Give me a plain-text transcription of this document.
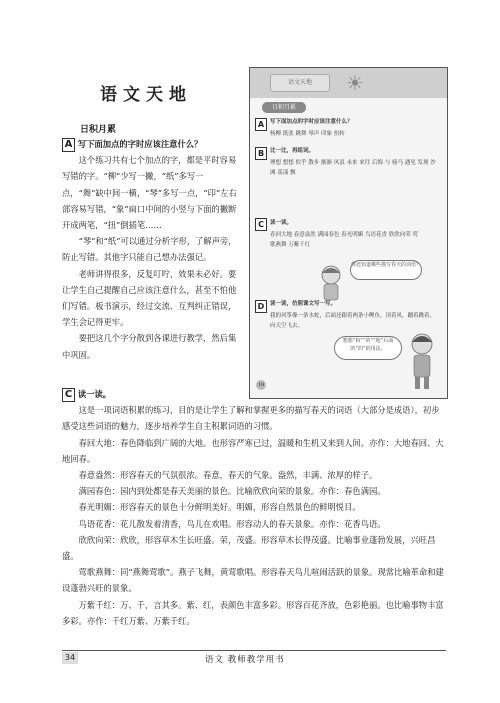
语文天地
日积月累

A 写下面加点的字时应该注意什么？

这个练习共有七个加点的字，都是平时容易写错的字。“柳”少写一撇，“纸”多写一点，“舞”缺中间一横，“琴”多写一点，“印”左右部容易写错，“象”扁口中间的小竖与下面的撇断开成两笔，“扭”倒插笔……

“琴”和“纸”可以通过分析字形，了解声旁，防止写错。其他字只能自己想办法强记。

老师讲得很多，反复叮咛，效果未必好。要让学生自己提醒自己应该注意什么，甚至不怕他们写错。板书演示，经过交流、互判纠正错误，学生会记得更牢。

要把这几个字分散到各课进行教学，然后集中巩固。

语文天地	☀
日积月累
A	写下面加点的字时应该注意什么？
杨柳 纸张 跳舞 琴声 印象 扭转
B	比一比，再组词。
理想 想想 似乎 散步 渐渐 风浪 未来 来往 后悔 与 骑马 遇见 发现 沙滩 荡漾 飘
C	读一读。
春回大地 春意盎然 满园春色 春光明媚 鸟语花香 欣欣向荣 莺歌燕舞 万紫千红
你还知道哪些描写春天的词语？
D	读一读，仿照课文写一写。
我的风筝像一条水蛇，后面还跟着两条小鲤鱼，顶着风，蹦着跳着，向天空飞去。
想想“和”“的”“地”后面的“的”的用法。
18

C 读一读。

这是一项词语积累的练习，目的是让学生了解和掌握更多的描写春天的词语（大部分是成语），初步感受这些词语的魅力，逐步培养学生自主积累词语的习惯。

春回大地：春色降临到广阔的大地。也形容严寒已过，温暖和生机又来到人间。亦作：大地春回、大地回春。

春意盎然：形容春天的气氛很浓。春意，春天的气象。盎然，丰满、浓厚的样子。

满园春色：园内到处都是春天美丽的景色。比喻欣欣向荣的景象。亦作：春色满园。

春光明媚：形容春天的景色十分鲜明美好。明媚，形容自然景色的鲜明悦目。

鸟语花香：花儿散发着清香，鸟儿在欢唱。形容动人的春天景象。亦作：花香鸟语。

欣欣向荣：欣欣，形容草木生长旺盛。荣，茂盛。形容草木长得茂盛。比喻事业蓬勃发展，兴旺昌盛。

莺歌燕舞：同“燕舞莺歌”。燕子飞舞，黄莺歌唱。形容春天鸟儿喧闹活跃的景象。现常比喻革命和建设蓬勃兴旺的景象。

万紫千红：万、千，言其多。紫、红，表颜色丰富多彩。形容百花齐放，色彩艳丽。也比喻事物丰富多彩。亦作：千红万紫、万紫千红。

34	语文 教师教学用书
